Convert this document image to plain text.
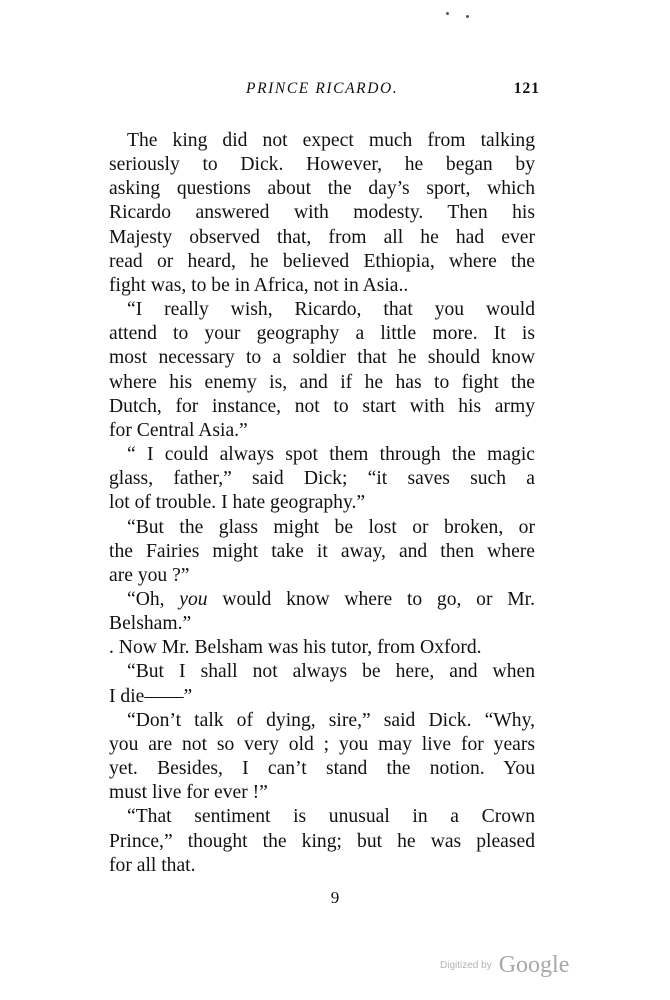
PRINCE RICARDO.	121
The king did not expect much from talking
seriously to Dick. However, he began by
asking questions about the day’s sport, which
Ricardo answered with modesty. Then his
Majesty observed that, from all he had ever
read or heard, he believed Ethiopia, where the
fight was, to be in Africa, not in Asia..
“I really wish, Ricardo, that you would
attend to your geography a little more. It is
most necessary to a soldier that he should know
where his enemy is, and if he has to fight the
Dutch, for instance, not to start with his army
for Central Asia.”
“ I could always spot them through the magic
glass, father,” said Dick; “it saves such a
lot of trouble. I hate geography.”
“But the glass might be lost or broken, or
the Fairies might take it away, and then where
are you ?”
“Oh, you would know where to go, or Mr.
Belsham.”
. Now Mr. Belsham was his tutor, from Oxford.
“But I shall not always be here, and when
I die——”
“Don’t talk of dying, sire,” said Dick. “Why,
you are not so very old ; you may live for years
yet. Besides, I can’t stand the notion. You
must live for ever !”
“That sentiment is unusual in a Crown
Prince,” thought the king; but he was pleased
for all that.
9
Digitized by Google
